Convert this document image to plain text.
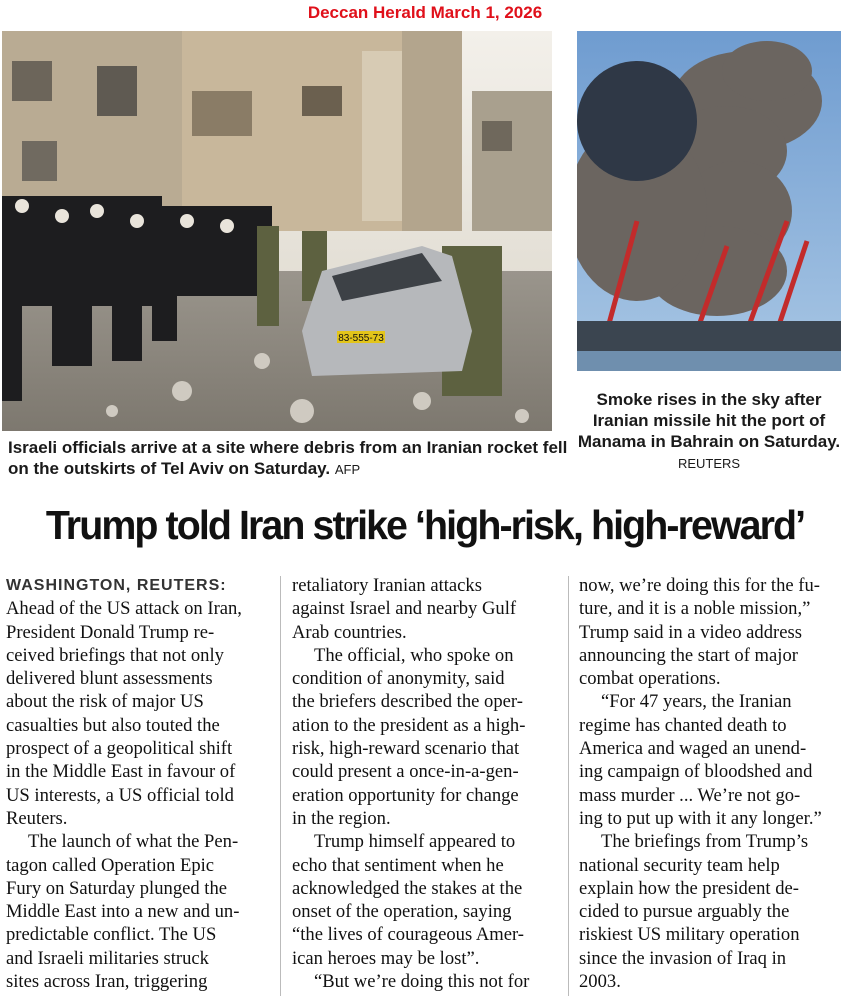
Deccan Herald March 1, 2026
83-555-73
Israeli officials arrive at a site where debris from an Iranian rocket fell on the outskirts of Tel Aviv on Saturday. AFP
Smoke rises in the sky after Iranian missile hit the port of Manama in Bahrain on Saturday. REUTERS
Trump told Iran strike ‘high-risk, high-reward’
WASHINGTON, REUTERS:
Ahead of the US attack on Iran,
President Donald Trump re-
ceived briefings that not only
delivered blunt assessments
about the risk of major US
casualties but also touted the
prospect of a geopolitical shift
in the Middle East in favour of
US interests, a US official told
Reuters.
The launch of what the Pen-
tagon called Operation Epic
Fury on Saturday plunged the
Middle East into a new and un-
predictable conflict. The US
and Israeli militaries struck
sites across Iran, triggering
retaliatory Iranian attacks
against Israel and nearby Gulf
Arab countries.
The official, who spoke on
condition of anonymity, said
the briefers described the oper-
ation to the president as a high-
risk, high-reward scenario that
could present a once-in-a-gen-
eration opportunity for change
in the region.
Trump himself appeared to
echo that sentiment when he
acknowledged the stakes at the
onset of the operation, saying
“the lives of courageous Amer-
ican heroes may be lost”.
“But we’re doing this not for
now, we’re doing this for the fu-
ture, and it is a noble mission,”
Trump said in a video address
announcing the start of major
combat operations.
“For 47 years, the Iranian
regime has chanted death to
America and waged an unend-
ing campaign of bloodshed and
mass murder ... We’re not go-
ing to put up with it any longer.”
The briefings from Trump’s
national security team help
explain how the president de-
cided to pursue arguably the
riskiest US military operation
since the invasion of Iraq in
2003.
